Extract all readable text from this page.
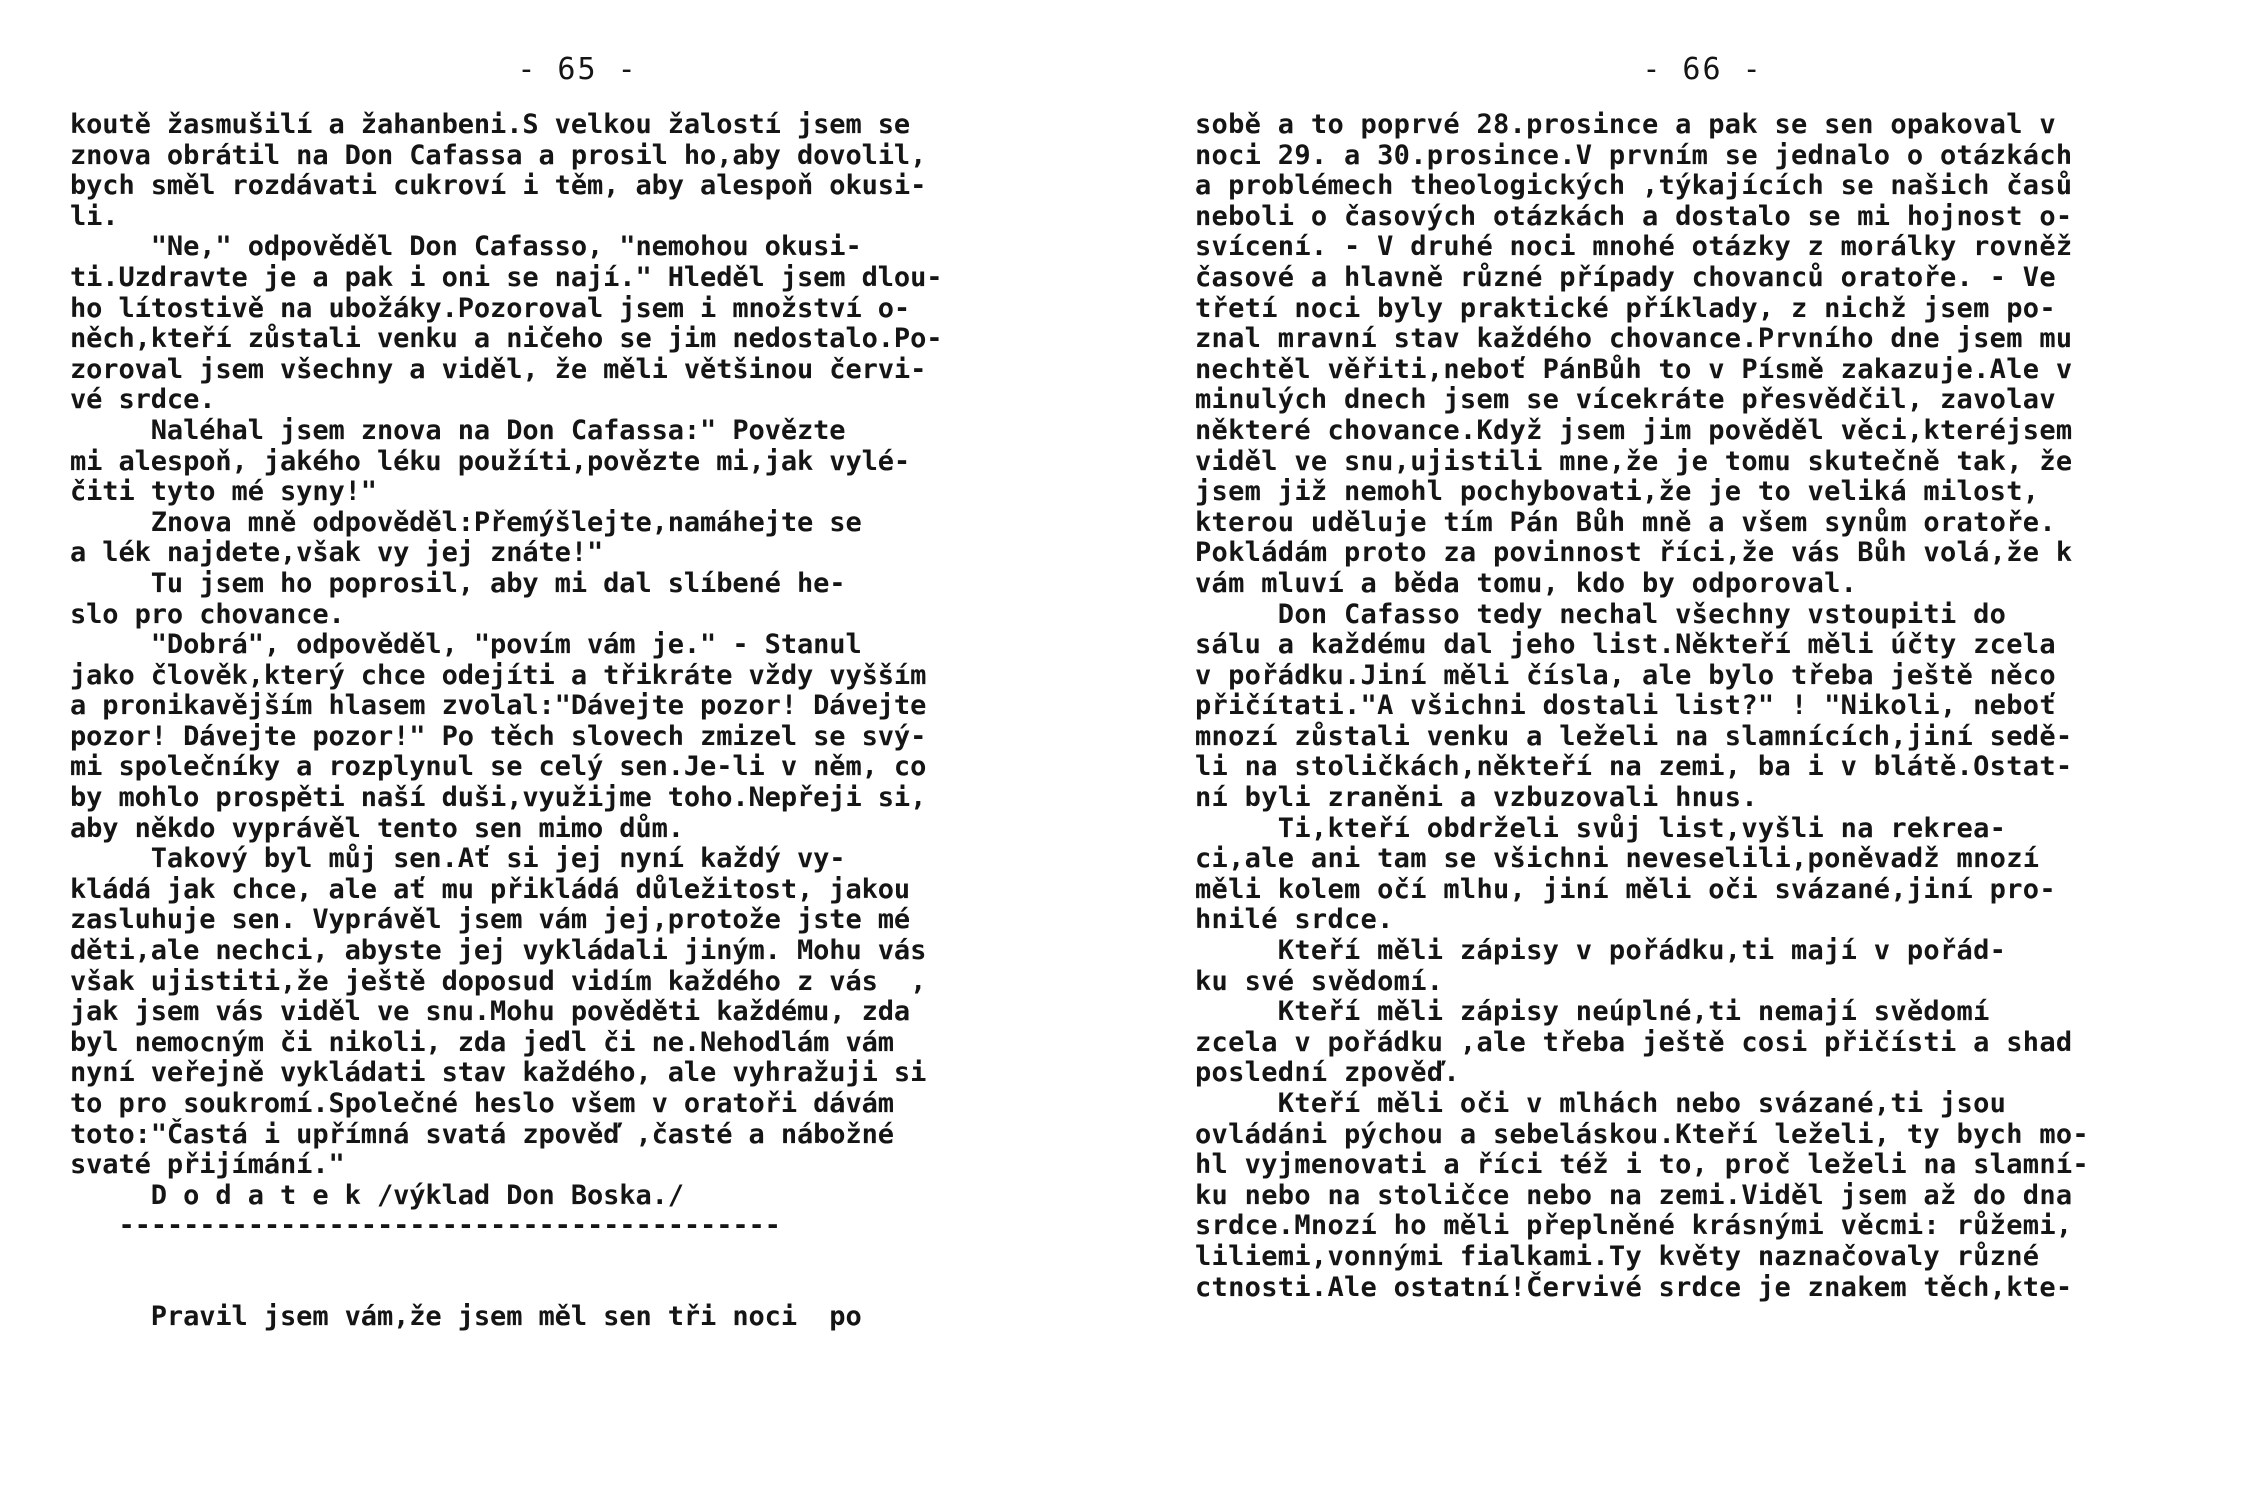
- 65 -
koutě žasmušilí a žahanbeni.S velkou žalostí jsem se
znova obrátil na Don Cafassa a prosil ho,aby dovolil,
bych směl rozdávati cukroví i těm, aby alespoň okusi-
li.
"Ne," odpověděl Don Cafasso, "nemohou okusi-
ti.Uzdravte je a pak i oni se nají." Hleděl jsem dlou-
ho lítostivě na ubožáky.Pozoroval jsem i množství o-
něch,kteří zůstali venku a ničeho se jim nedostalo.Po-
zoroval jsem všechny a viděl, že měli většinou červi-
vé srdce.
Naléhal jsem znova na Don Cafassa:" Povězte
mi alespoň, jakého léku použíti,povězte mi,jak vylé-
čiti tyto mé syny!"
Znova mně odpověděl:Přemýšlejte,namáhejte se
a lék najdete,však vy jej znáte!"
Tu jsem ho poprosil, aby mi dal slíbené he-
slo pro chovance.
"Dobrá", odpověděl, "povím vám je." - Stanul
jako člověk,který chce odejíti a třikráte vždy vyšším
a pronikavějším hlasem zvolal:"Dávejte pozor! Dávejte
pozor! Dávejte pozor!" Po těch slovech zmizel se svý-
mi společníky a rozplynul se celý sen.Je-li v něm, co
by mohlo prospěti naší duši,využijme toho.Nepřeji si,
aby někdo vyprávěl tento sen mimo dům.
Takový byl můj sen.Ať si jej nyní každý vy-
kládá jak chce, ale ať mu přikládá důležitost, jakou
zasluhuje sen. Vyprávěl jsem vám jej,protože jste mé
děti,ale nechci, abyste jej vykládali jiným. Mohu vás
však ujistiti,že ještě doposud vidím každého z vás  ,
jak jsem vás viděl ve snu.Mohu pověděti každému, zda
byl nemocným či nikoli, zda jedl či ne.Nehodlám vám
nyní veřejně vykládati stav každého, ale vyhražuji si
to pro soukromí.Společné heslo všem v oratoři dávám
toto:"Častá i upřímná svatá zpověď ,časté a nábožné
svaté přijímání."
D o d a t e k /výklad Don Boska./
-----------------------------------------
Pravil jsem vám,že jsem měl sen tři noci  po
- 66 -
sobě a to poprvé 28.prosince a pak se sen opakoval v
noci 29. a 30.prosince.V prvním se jednalo o otázkách
a problémech theologických ,týkajících se našich časů
neboli o časových otázkách a dostalo se mi hojnost o-
svícení. - V druhé noci mnohé otázky z morálky rovněž
časové a hlavně různé případy chovanců oratoře. - Ve
třetí noci byly praktické příklady, z nichž jsem po-
znal mravní stav každého chovance.Prvního dne jsem mu
nechtěl věřiti,neboť PánBůh to v Písmě zakazuje.Ale v
minulých dnech jsem se vícekráte přesvědčil, zavolav
některé chovance.Když jsem jim pověděl věci,kteréjsem
viděl ve snu,ujistili mne,že je tomu skutečně tak, že
jsem již nemohl pochybovati,že je to veliká milost,
kterou uděluje tím Pán Bůh mně a všem synům oratoře.
Pokládám proto za povinnost říci,že vás Bůh volá,že k
vám mluví a běda tomu, kdo by odporoval.
Don Cafasso tedy nechal všechny vstoupiti do
sálu a každému dal jeho list.Někteří měli účty zcela
v pořádku.Jiní měli čísla, ale bylo třeba ještě něco
přičítati."A všichni dostali list?" ! "Nikoli, neboť
mnozí zůstali venku a leželi na slamnících,jiní sedě-
li na stoličkách,někteří na zemi, ba i v blátě.Ostat-
ní byli zraněni a vzbuzovali hnus.
Ti,kteří obdrželi svůj list,vyšli na rekrea-
ci,ale ani tam se všichni neveselili,poněvadž mnozí
měli kolem očí mlhu, jiní měli oči svázané,jiní pro-
hnilé srdce.
Kteří měli zápisy v pořádku,ti mají v pořád-
ku své svědomí.
Kteří měli zápisy neúplné,ti nemají svědomí
zcela v pořádku ,ale třeba ještě cosi přičísti a shad
poslední zpověď.
Kteří měli oči v mlhách nebo svázané,ti jsou
ovládáni pýchou a sebeláskou.Kteří leželi, ty bych mo-
hl vyjmenovati a říci též i to, proč leželi na slamní-
ku nebo na stoličce nebo na zemi.Viděl jsem až do dna
srdce.Mnozí ho měli přeplněné krásnými věcmi: růžemi,
liliemi,vonnými fialkami.Ty květy naznačovaly různé
ctnosti.Ale ostatní!Červivé srdce je znakem těch,kte-
